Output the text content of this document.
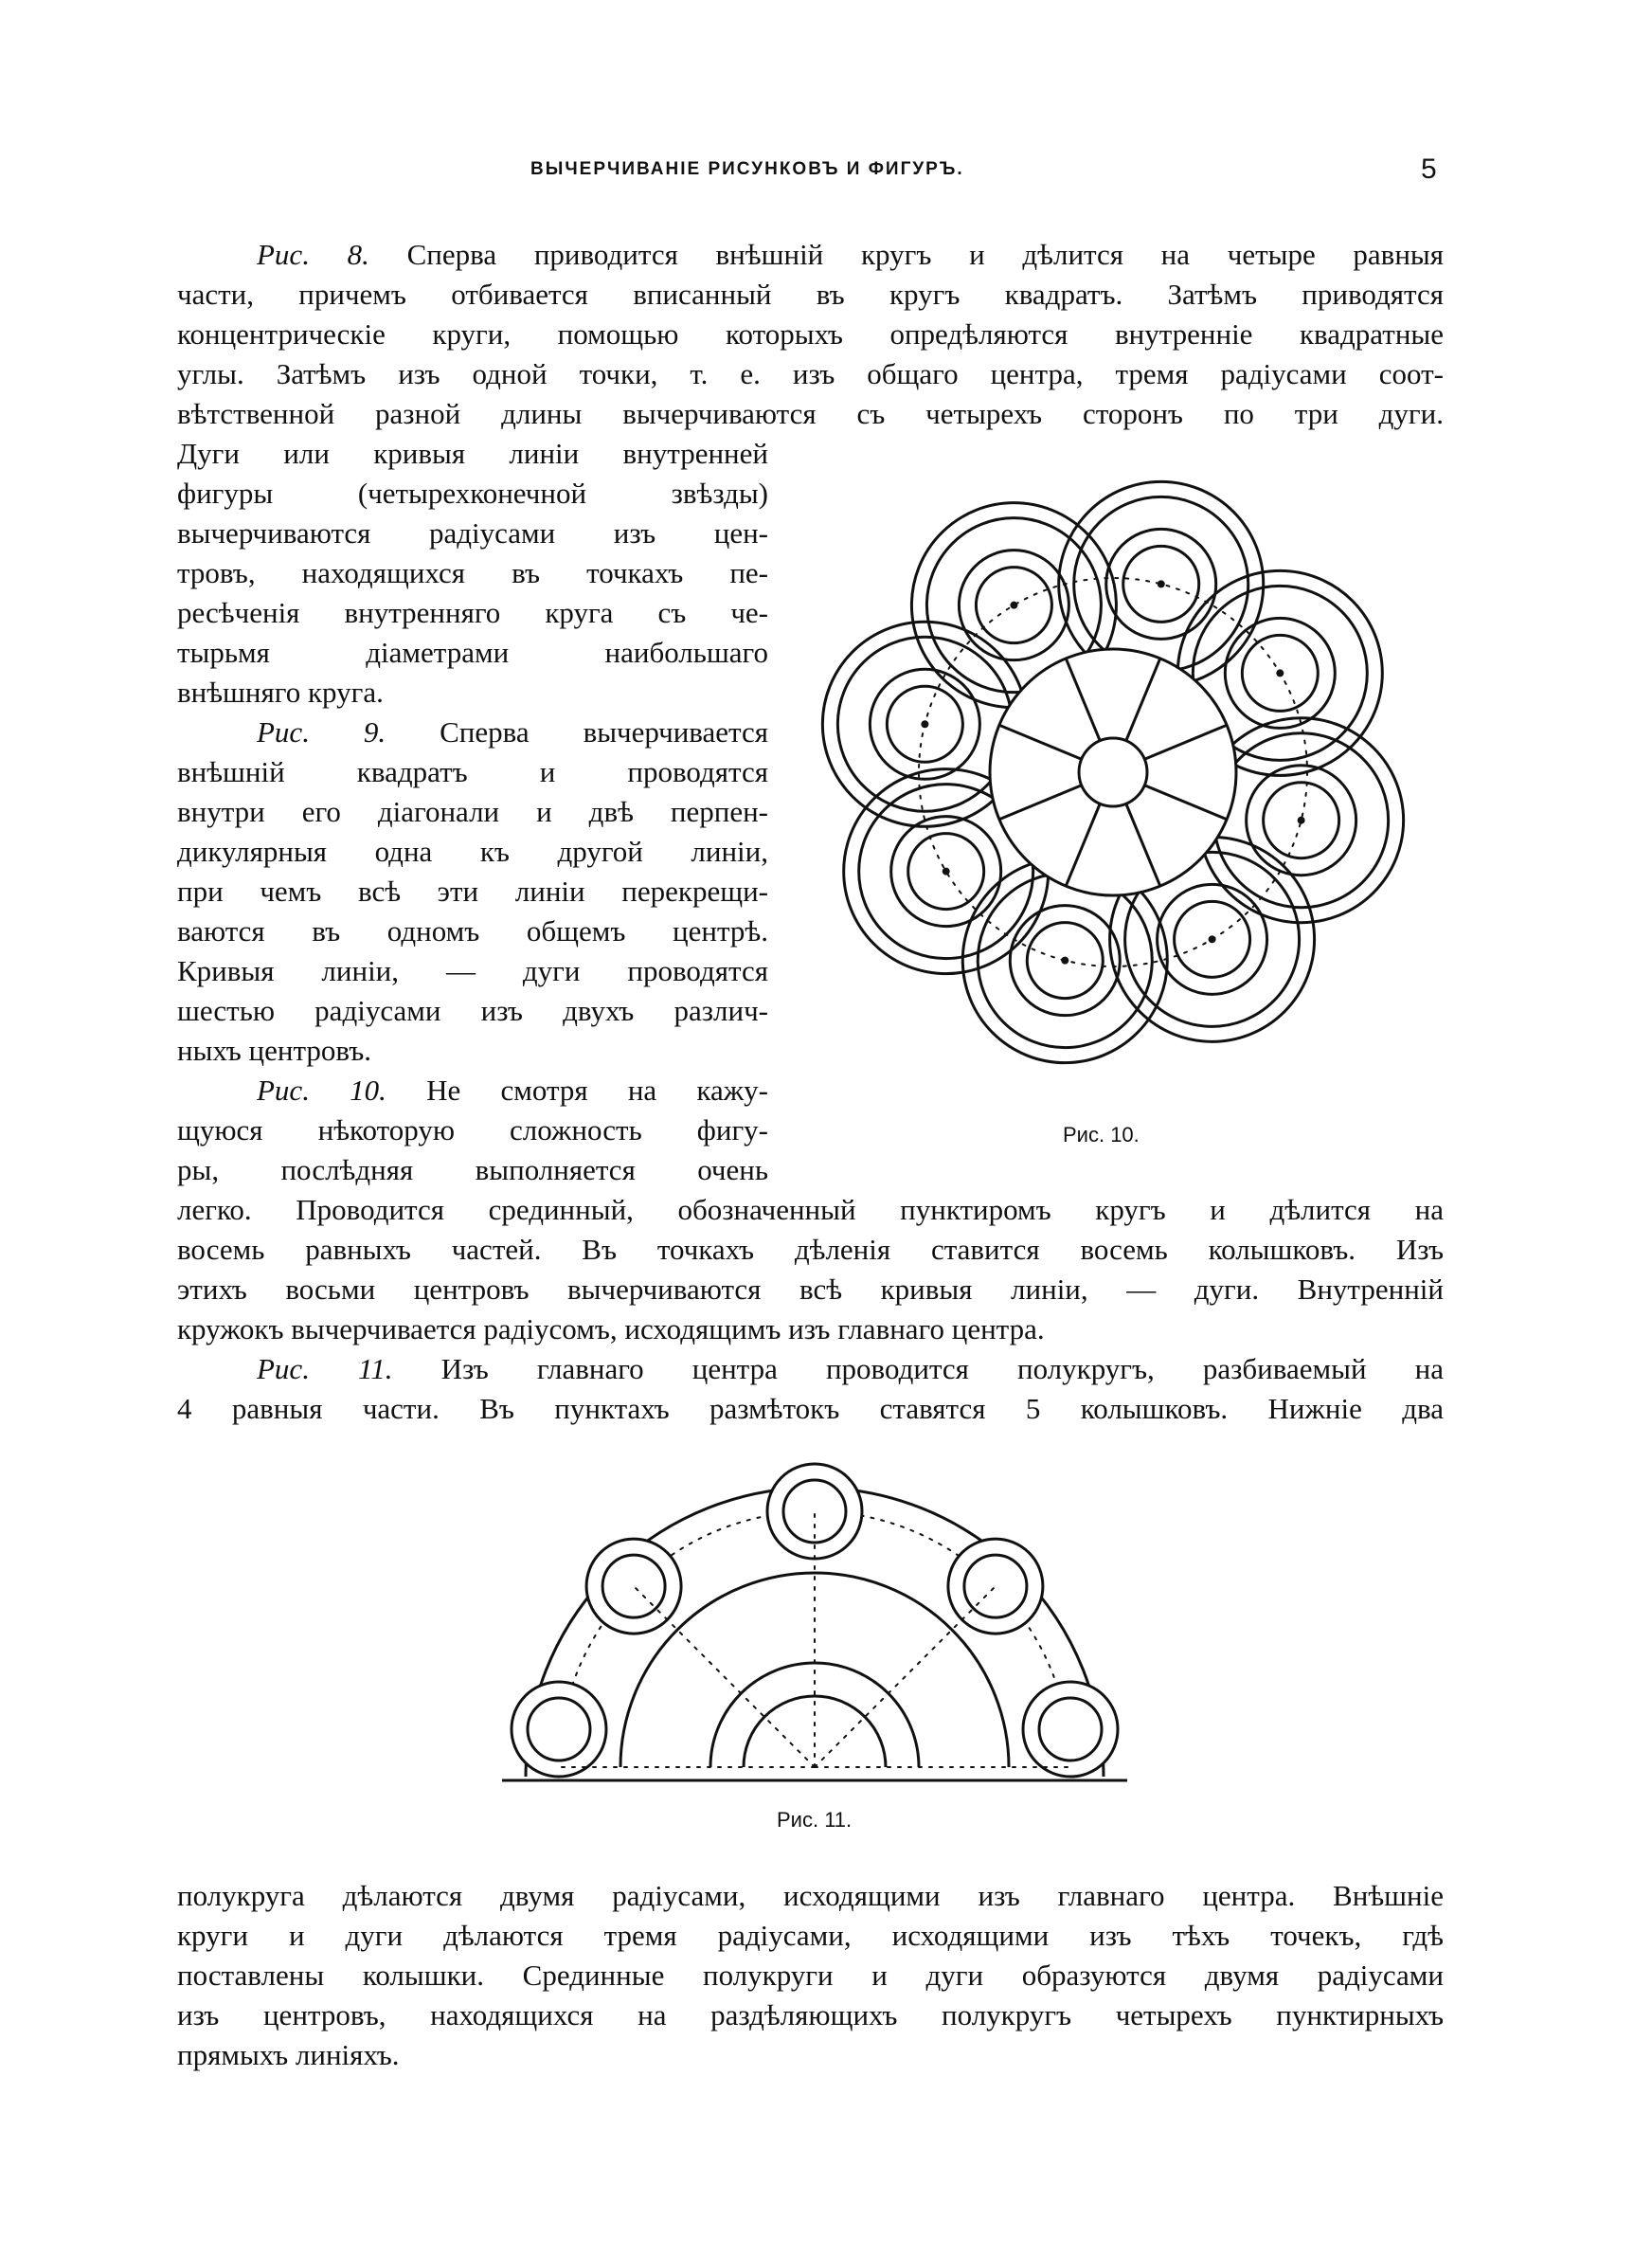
ВЫЧЕРЧИВАНІЕ РИСУНКОВЪ И ФИГУРЪ.	5
Рис. 8. Сперва приводится внѣшній кругъ и дѣлится на четыре равныя
части, причемъ отбивается вписанный въ кругъ квадратъ. Затѣмъ приводятся
концентрическіе круги, помощью которыхъ опредѣляются внутренніе квадратные
углы. Затѣмъ изъ одной точки, т. е. изъ общаго центра, тремя радіусами соот-
вѣтственной разной длины вычерчиваются съ четырехъ сторонъ по три дуги.
Дуги или кривыя линіи внутренней
фигуры (четырехконечной звѣзды)
вычерчиваются радіусами изъ цен-
тровъ, находящихся въ точкахъ пе-
ресѣченія внутренняго круга съ че-
тырьмя діаметрами наибольшаго
внѣшняго круга.
Рис. 9. Сперва вычерчивается
внѣшній квадратъ и проводятся
внутри его діагонали и двѣ перпен-
дикулярныя одна къ другой линіи,
при чемъ всѣ эти линіи перекрещи-
ваются въ одномъ общемъ центрѣ.
Кривыя линіи, — дуги проводятся
шестью радіусами изъ двухъ различ-
ныхъ центровъ.
Рис. 10. Не смотря на кажу-
щуюся нѣкоторую сложность фигу-
ры, послѣдняя выполняется очень
Рис. 10.
легко. Проводится срединный, обозначенный пунктиромъ кругъ и дѣлится на
восемь равныхъ частей. Въ точкахъ дѣленія ставится восемь колышковъ. Изъ
этихъ восьми центровъ вычерчиваются всѣ кривыя линіи, — дуги. Внутренній
кружокъ вычерчивается радіусомъ, исходящимъ изъ главнаго центра.
Рис. 11. Изъ главнаго центра проводится полукругъ, разбиваемый на
4 равныя части. Въ пунктахъ размѣтокъ ставятся 5 колышковъ. Нижніе два
Рис. 11.
полукруга дѣлаются двумя радіусами, исходящими изъ главнаго центра. Внѣшніе
круги и дуги дѣлаются тремя радіусами, исходящими изъ тѣхъ точекъ, гдѣ
поставлены колышки. Срединные полукруги и дуги образуются двумя радіусами
изъ центровъ, находящихся на раздѣляющихъ полукругъ четырехъ пунктирныхъ
прямыхъ линіяхъ.
